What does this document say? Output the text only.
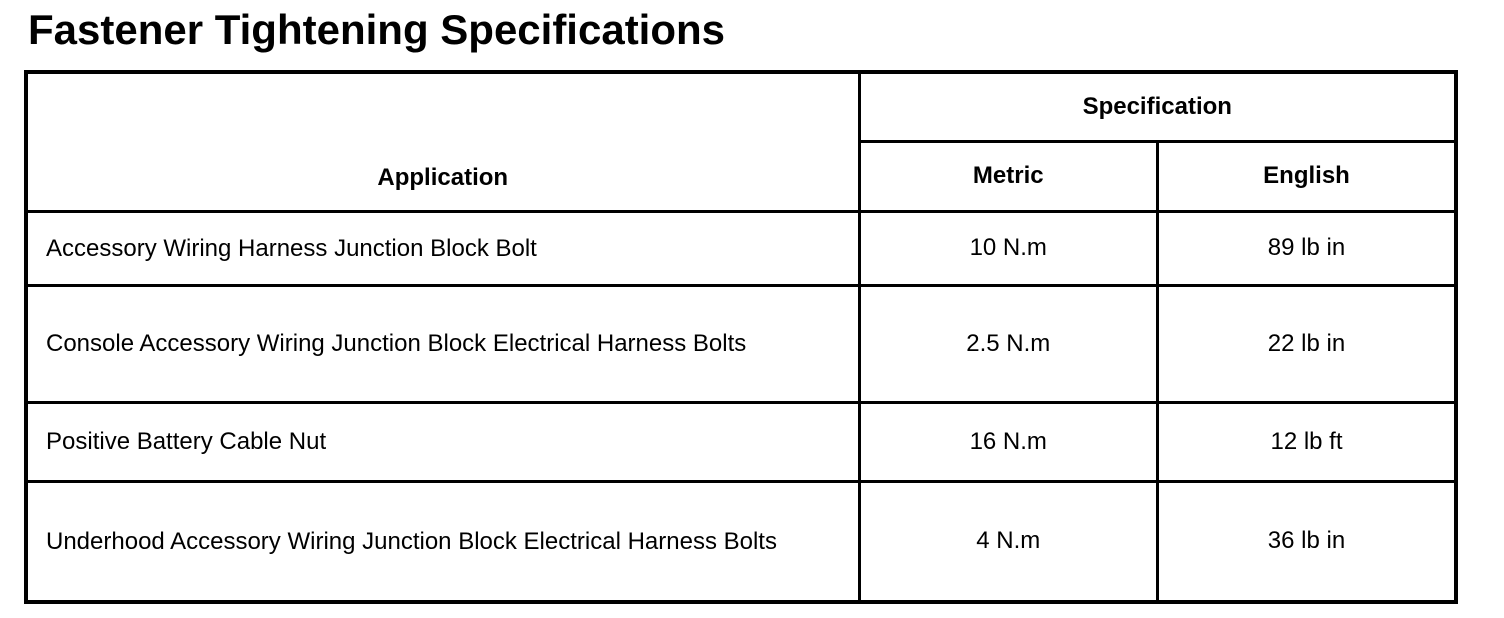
Fastener Tightening Specifications
Application	Specification	
	Metric	English
Accessory Wiring Harness Junction Block Bolt	10 N.m	89 lb in
Console Accessory Wiring Junction Block Electrical Harness Bolts	2.5 N.m	22 lb in
Positive Battery Cable Nut	16 N.m	12 lb ft
Underhood Accessory Wiring Junction Block Electrical Harness Bolts	4 N.m	36 lb in
